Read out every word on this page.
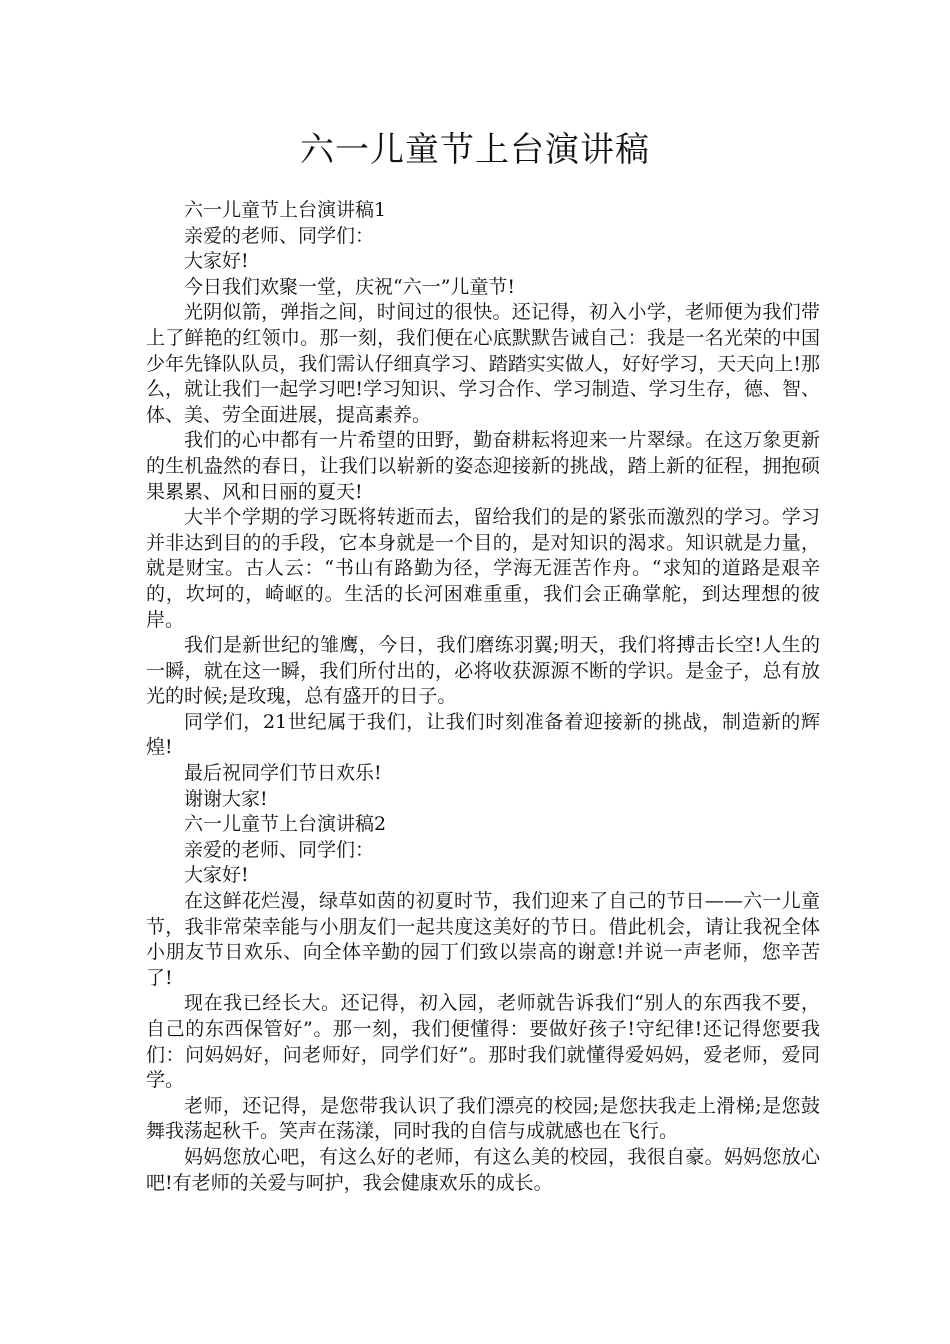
六一儿童节上台演讲稿

六一儿童节上台演讲稿1

亲爱的老师、同学们：

大家好!

今日我们欢聚一堂，庆祝“六一”儿童节!

光阴似箭，弹指之间，时间过的很快。还记得，初入小学，老师便为我们带上了鲜艳的红领巾。那一刻，我们便在心底默默告诫自己：我是一名光荣的中国少年先锋队队员，我们需认仔细真学习、踏踏实实做人，好好学习，天天向上!那么，就让我们一起学习吧!学习知识、学习合作、学习制造、学习生存，德、智、体、美、劳全面进展，提高素养。

我们的心中都有一片希望的田野，勤奋耕耘将迎来一片翠绿。在这万象更新的生机盎然的春日，让我们以崭新的姿态迎接新的挑战，踏上新的征程，拥抱硕果累累、风和日丽的夏天!

大半个学期的学习既将转逝而去，留给我们的是的紧张而激烈的学习。学习并非达到目的的手段，它本身就是一个目的，是对知识的渴求。知识就是力量，就是财宝。古人云：“书山有路勤为径，学海无涯苦作舟。“求知的道路是艰辛的，坎坷的，崎岖的。生活的长河困难重重，我们会正确掌舵，到达理想的彼岸。

我们是新世纪的雏鹰，今日，我们磨练羽翼;明天，我们将搏击长空!人生的一瞬，就在这一瞬，我们所付出的，必将收获源源不断的学识。是金子，总有放光的时候;是玫瑰，总有盛开的日子。

同学们，21世纪属于我们，让我们时刻准备着迎接新的挑战，制造新的辉煌!

最后祝同学们节日欢乐!

谢谢大家!

六一儿童节上台演讲稿2

亲爱的老师、同学们：

大家好!

在这鲜花烂漫，绿草如茵的初夏时节，我们迎来了自己的节日——六一儿童节，我非常荣幸能与小朋友们一起共度这美好的节日。借此机会，请让我祝全体小朋友节日欢乐、向全体辛勤的园丁们致以崇高的谢意!并说一声老师，您辛苦了!

现在我已经长大。还记得，初入园，老师就告诉我们“别人的东西我不要，自己的东西保管好”。那一刻，我们便懂得：要做好孩子!守纪律!还记得您要我们：问妈妈好，问老师好，同学们好”。那时我们就懂得爱妈妈，爱老师，爱同学。

老师，还记得，是您带我认识了我们漂亮的校园;是您扶我走上滑梯;是您鼓舞我荡起秋千。笑声在荡漾，同时我的自信与成就感也在飞行。

妈妈您放心吧，有这么好的老师，有这么美的校园，我很自豪。妈妈您放心吧!有老师的关爱与呵护，我会健康欢乐的成长。
